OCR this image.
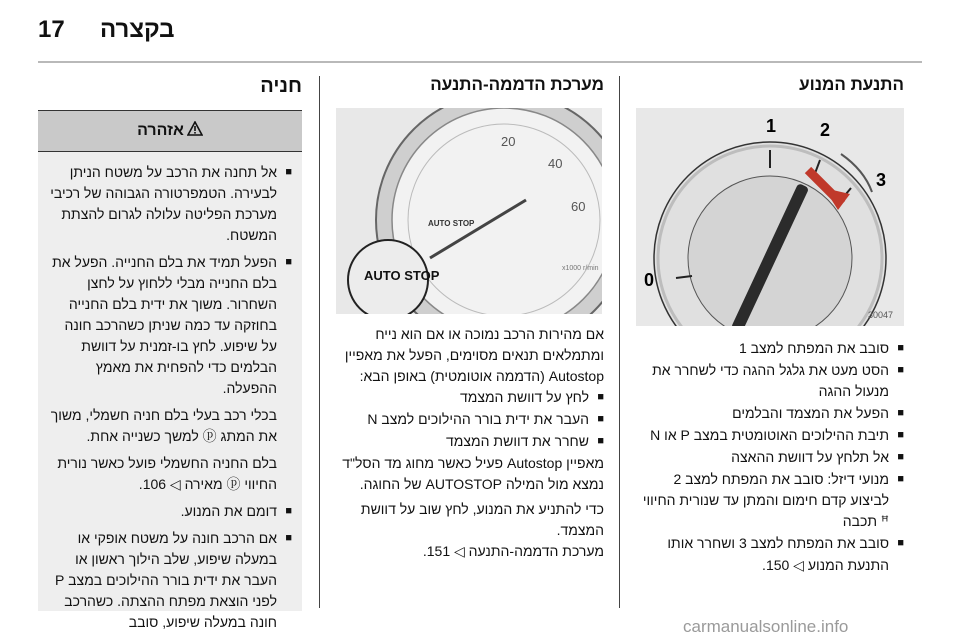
17 בקצרה
התנעת המנוע
1 2
3
0
30047
■ סובב את המפתח למצב 1
■ הסט מעט את גלגל ההגה כדי לשחרר את מנעול ההגה
■ הפעל את המצמד והבלמים
■ תיבת ההילוכים האוטומטית במצב P או N
■ אל תלחץ על דוושת ההאצה
■ מנועי דיזל: סובב את המפתח למצב 2 לביצוע קדם חימום והמתן עד שנורית החיווי ꟸ תכבה
■ סובב את המפתח למצב 3 ושחרר אותו

התנעת המנוע ◁ 150.

מערכת הדממה-התנעה
AUTO STOP
20
40
60
x1000 r/min
AUTO STOP

אם מהירות הרכב נמוכה או אם הוא נייח ומתמלאים תנאים מסוימים, הפעל את מאפיין Autostop (הדממה אוטומטית) באופן הבא:

■ לחץ על דוושת המצמד
■ העבר את ידית בורר ההילוכים למצב N
■ שחרר את דוושת המצמד

מאפיין Autostop פעיל כאשר מחוג מד הסל"ד נמצא מול המילה AUTOSTOP של החוגה.

כדי להתניע את המנוע, לחץ שוב על דוושת המצמד.

מערכת הדממה-התנעה ◁ 151.

חניה
אזהרה
■ אל תחנה את הרכב על משטח הניתן לבעירה. הטמפרטורה הגבוהה של רכיבי מערכת הפליטה עלולה לגרום להצתת המשטח.
■ הפעל תמיד את בלם החנייה. הפעל את בלם החנייה מבלי ללחוץ על לחצן השחרור. משוך את ידית בלם החנייה בחוזקה עד כמה שניתן כשהרכב חונה על שיפוע. לחץ בו-זמנית על דוושת הבלמים כדי להפחית את מאמץ ההפעלה.

בכלי רכב בעלי בלם חניה חשמלי, משוך את המתג ⓟ למשך כשנייה אחת.

בלם החניה החשמלי פועל כאשר נורית החיווי ⓟ מאירה ◁ 106.

■ דומם את המנוע.
■ אם הרכב חונה על משטח אופקי או במעלה שיפוע, שלב הילוך ראשון או העבר את ידית בורר ההילוכים במצב P לפני הוצאת מפתח ההצתה. כשהרכב חונה במעלה שיפוע, סובב	carmanualsonline.info
